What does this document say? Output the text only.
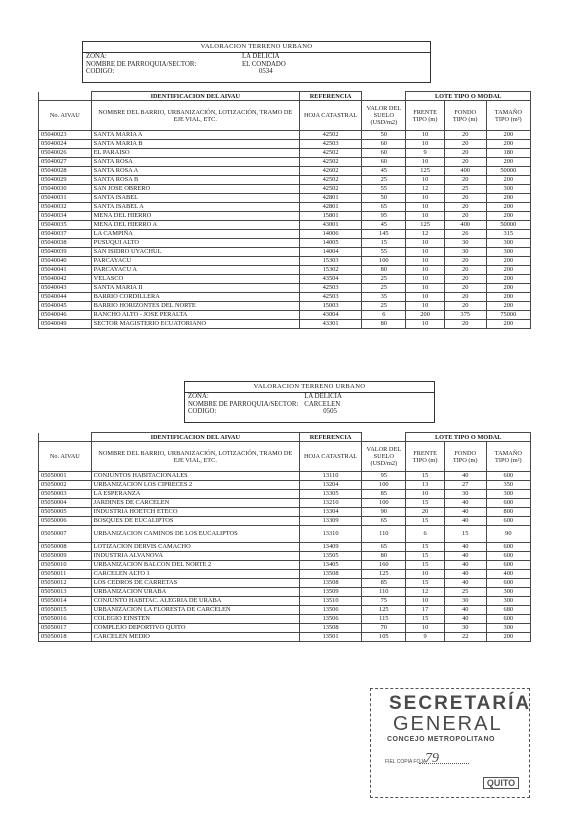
VALORACION TERRENO URBANO
ZONA:	LA DELICIA
NOMBRE DE PARROQUIA/SECTOR:	EL CONDADO
CODIGO:	0534
	IDENTIFICACION DEL AIVAU	REFERENCIA		LOTE TIPO O MODAL		
No. AIVAU	NOMBRE DEL BARRIO, URBANIZACIÓN, LOTIZACIÓN, TRAMO DE EJE VIAL, ETC.	HOJA CATASTRAL	VALOR DEL SUELO (USD/m2)	FRENTE TIPO (m)	FONDO TIPO (m)	TAMAÑO TIPO (m²)
05040023	SANTA MARIA A	42502	50	10	20	200
05040024	SANTA MARIA B	42503	60	10	20	200
05040026	EL PARAISO	42502	60	9	20	180
05040027	SANTA ROSA	42502	60	10	20	200
05040028	SANTA ROSA A	42602	45	125	400	50000
05040029	SANTA ROSA B	42502	25	10	20	200
05040030	SAN JOSE OBRERO	42502	55	12	25	300
05040031	SANTA ISABEL	42801	50	10	20	200
05040032	SANTA ISABEL A	42801	65	10	20	200
05040034	MENA DEL HIERRO	15801	95	10	20	200
05040035	MENA DEL HIERRO A	43001	45	125	400	50000
05040037	LA CAMPIÑA	14006	145	12	26	315
05040038	PUSUQUI ALTO	14005	15	10	30	300
05040039	SAN ISIDRO UYACHUL	14004	55	10	30	300
05040040	PARCAYACU	15303	100	10	20	200
05040041	PARCAYACU A	15302	80	10	20	200
05040042	VELASCO	43504	25	10	20	200
05040043	SANTA MARIA II	42503	25	10	20	200
05040044	BARRIO CORDILLERA	42503	35	10	20	200
05040045	BARRIO HORIZONTES DEL NORTE	15003	25	10	20	200
05040046	RANCHO ALTO - JOSE PERALTA	43004	6	200	375	75000
05040049	SECTOR MAGISTERIO ECUATORIANO	43301	80	10	20	200
VALORACION TERRENO URBANO
ZONA:	LA DELICIA
NOMBRE DE PARROQUIA/SECTOR:	CARCELEN
CODIGO:	0505
	IDENTIFICACION DEL AIVAU	REFERENCIA		LOTE TIPO O MODAL		
No. AIVAU	NOMBRE DEL BARRIO, URBANIZACIÓN, LOTIZACIÓN, TRAMO DE EJE VIAL, ETC.	HOJA CATASTRAL	VALOR DEL SUELO (USD/m2)	FRENTE TIPO (m)	FONDO TIPO (m)	TAMAÑO TIPO (m²)
05050001	CONJUNTOS HABITACIONALES	13110	95	15	40	600
05050002	URBANIZACION LOS CIPRECES 2	13204	100	13	27	350
05050003	LA ESPERANZA	13305	85	10	30	300
05050004	JARDINES DE CARCELEN	13210	100	15	40	600
05050005	INDUSTRIA HOETCH ETECO	13304	90	20	40	800
05050006	BOSQUES DE EUCALIPTOS	13309	65	15	40	600
05050007	URBANIZACION CAMINOS DE LOS EUCALIPTOS	13310	110	6	15	90
05050008	LOTIZACION DERVIS CAMACHO	13409	65	15	40	600
05050009	INDUSTRIA ALVANOVA	13505	80	15	40	600
05050010	URBANIZACION BALCON DEL NORTE 2	13405	160	15	40	600
05050011	CARCELEN ALTO 1	13508	125	10	40	400
05050012	LOS CEDROS DE CARRETAS	13508	85	15	40	600
05050013	URBANIZACION URABA	13509	110	12	25	300
05050014	CONJUNTO HABITAC. ALEGRIA DE URABA	13510	75	10	30	300
05050015	URBANIZACION LA FLORESTA DE CARCELEN	13506	125	17	40	680
05050016	COLEGIO EINSTEN	13506	115	15	40	600
05050017	COMPLEJO DEPORTIVO QUITO	13508	70	10	30	300
05050018	CARCELEN MEDIO	13501	105	9	22	200
SECRETARÍA
GENERAL
CONCEJO METROPOLITANO
FIEL COPIA FOJA
79
QUITO
